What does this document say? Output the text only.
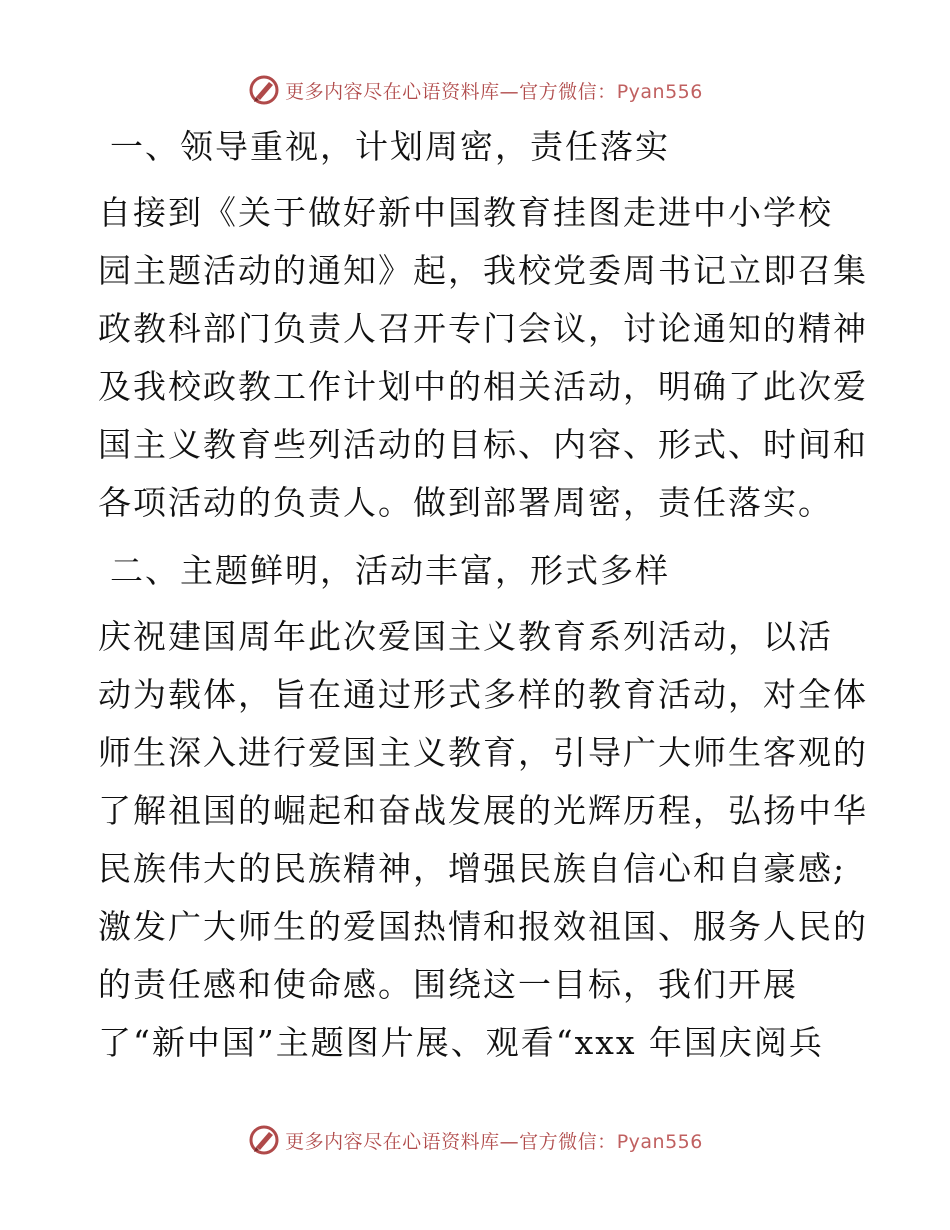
更多内容尽在心语资料库—官方微信：Pyan556

一、领导重视，计划周密，责任落实

自接到《关于做好新中国教育挂图走进中小学校
园主题活动的通知》起，我校党委周书记立即召集
政教科部门负责人召开专门会议，讨论通知的精神
及我校政教工作计划中的相关活动，明确了此次爱
国主义教育些列活动的目标、内容、形式、时间和
各项活动的负责人。做到部署周密，责任落实。

二、主题鲜明，活动丰富，形式多样

庆祝建国周年此次爱国主义教育系列活动，以活
动为载体，旨在通过形式多样的教育活动，对全体
师生深入进行爱国主义教育，引导广大师生客观的
了解祖国的崛起和奋战发展的光辉历程，弘扬中华
民族伟大的民族精神，增强民族自信心和自豪感;
激发广大师生的爱国热情和报效祖国、服务人民的
的责任感和使命感。围绕这一目标，我们开展
了“新中国”主题图片展、观看“xxx 年国庆阅兵
更多内容尽在心语资料库—官方微信：Pyan556
